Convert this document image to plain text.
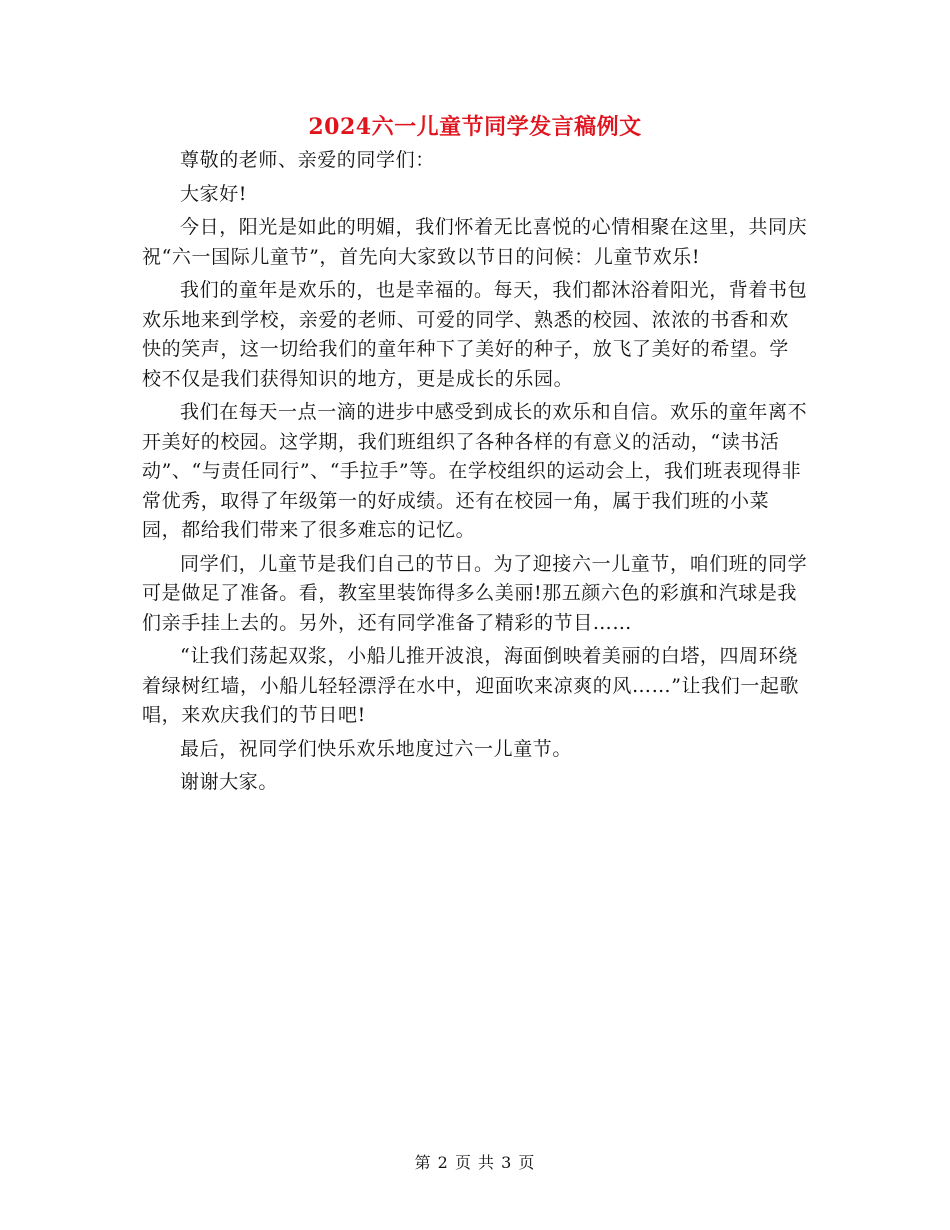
2024六一儿童节同学发言稿例文

尊敬的老师、亲爱的同学们：

大家好!

今日，阳光是如此的明媚，我们怀着无比喜悦的心情相聚在这里，共同庆祝“六一国际儿童节”，首先向大家致以节日的问候：儿童节欢乐!

我们的童年是欢乐的，也是幸福的。每天，我们都沐浴着阳光，背着书包欢乐地来到学校，亲爱的老师、可爱的同学、熟悉的校园、浓浓的书香和欢快的笑声，这一切给我们的童年种下了美好的种子，放飞了美好的希望。学校不仅是我们获得知识的地方，更是成长的乐园。

我们在每天一点一滴的进步中感受到成长的欢乐和自信。欢乐的童年离不开美好的校园。这学期，我们班组织了各种各样的有意义的活动，“读书活动”、“与责任同行”、“手拉手”等。在学校组织的运动会上，我们班表现得非常优秀，取得了年级第一的好成绩。还有在校园一角，属于我们班的小菜园，都给我们带来了很多难忘的记忆。

同学们，儿童节是我们自己的节日。为了迎接六一儿童节，咱们班的同学可是做足了准备。看，教室里装饰得多么美丽!那五颜六色的彩旗和汽球是我们亲手挂上去的。另外，还有同学准备了精彩的节目……

“让我们荡起双浆，小船儿推开波浪，海面倒映着美丽的白塔，四周环绕着绿树红墙，小船儿轻轻漂浮在水中，迎面吹来凉爽的风……”让我们一起歌唱，来欢庆我们的节日吧!

最后，祝同学们快乐欢乐地度过六一儿童节。

谢谢大家。

第 2 页 共 3 页
